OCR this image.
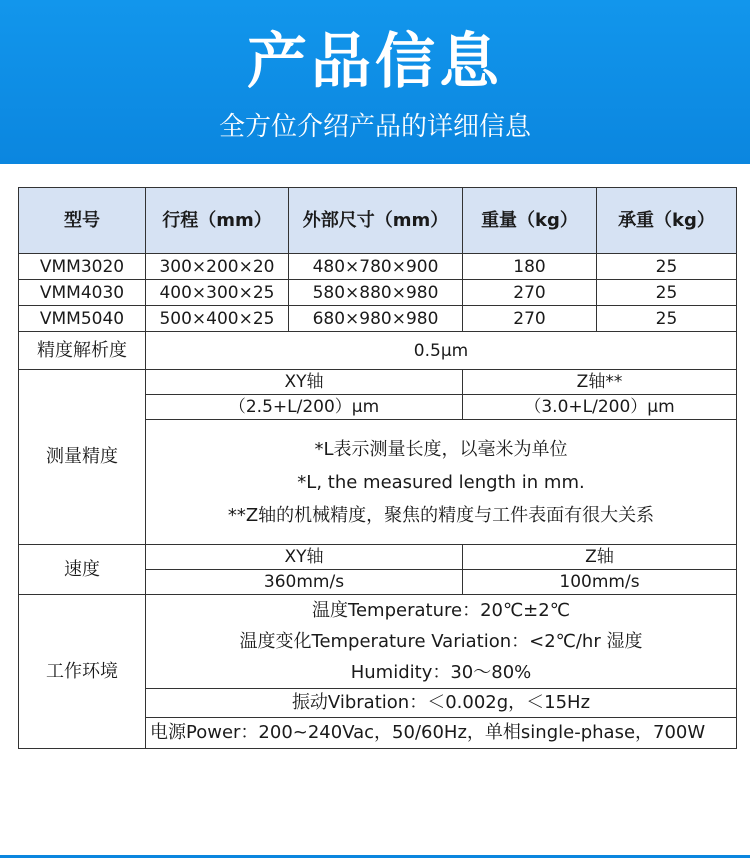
产品信息
全方位介绍产品的详细信息
型号	行程（mm）	外部尺寸（mm）	重量（kg）	承重（kg）
VMM3020	300×200×20	480×780×900	180	25
VMM4030	400×300×25	580×880×980	270	25
VMM5040	500×400×25	680×980×980	270	25
精度解析度	0.5μm			
测量精度	XY轴		Z轴**	
	（2.5+L/200）μm		（3.0+L/200）μm	

	*L表示测量长度，以毫米为单位
*L, the measured length in mm.
**Z轴的机械精度，聚焦的精度与工件表面有很大关系			

速度	XY轴		Z轴	
	360mm/s		100mm/s	
工作环境	温度Temperature：20℃±2℃
温度变化Temperature Variation：<2℃/hr 湿度
Humidity：30～80%			

	振动Vibration：＜0.002g，＜15Hz			
	电源Power：200~240Vac，50/60Hz，单相single-phase，700W			
